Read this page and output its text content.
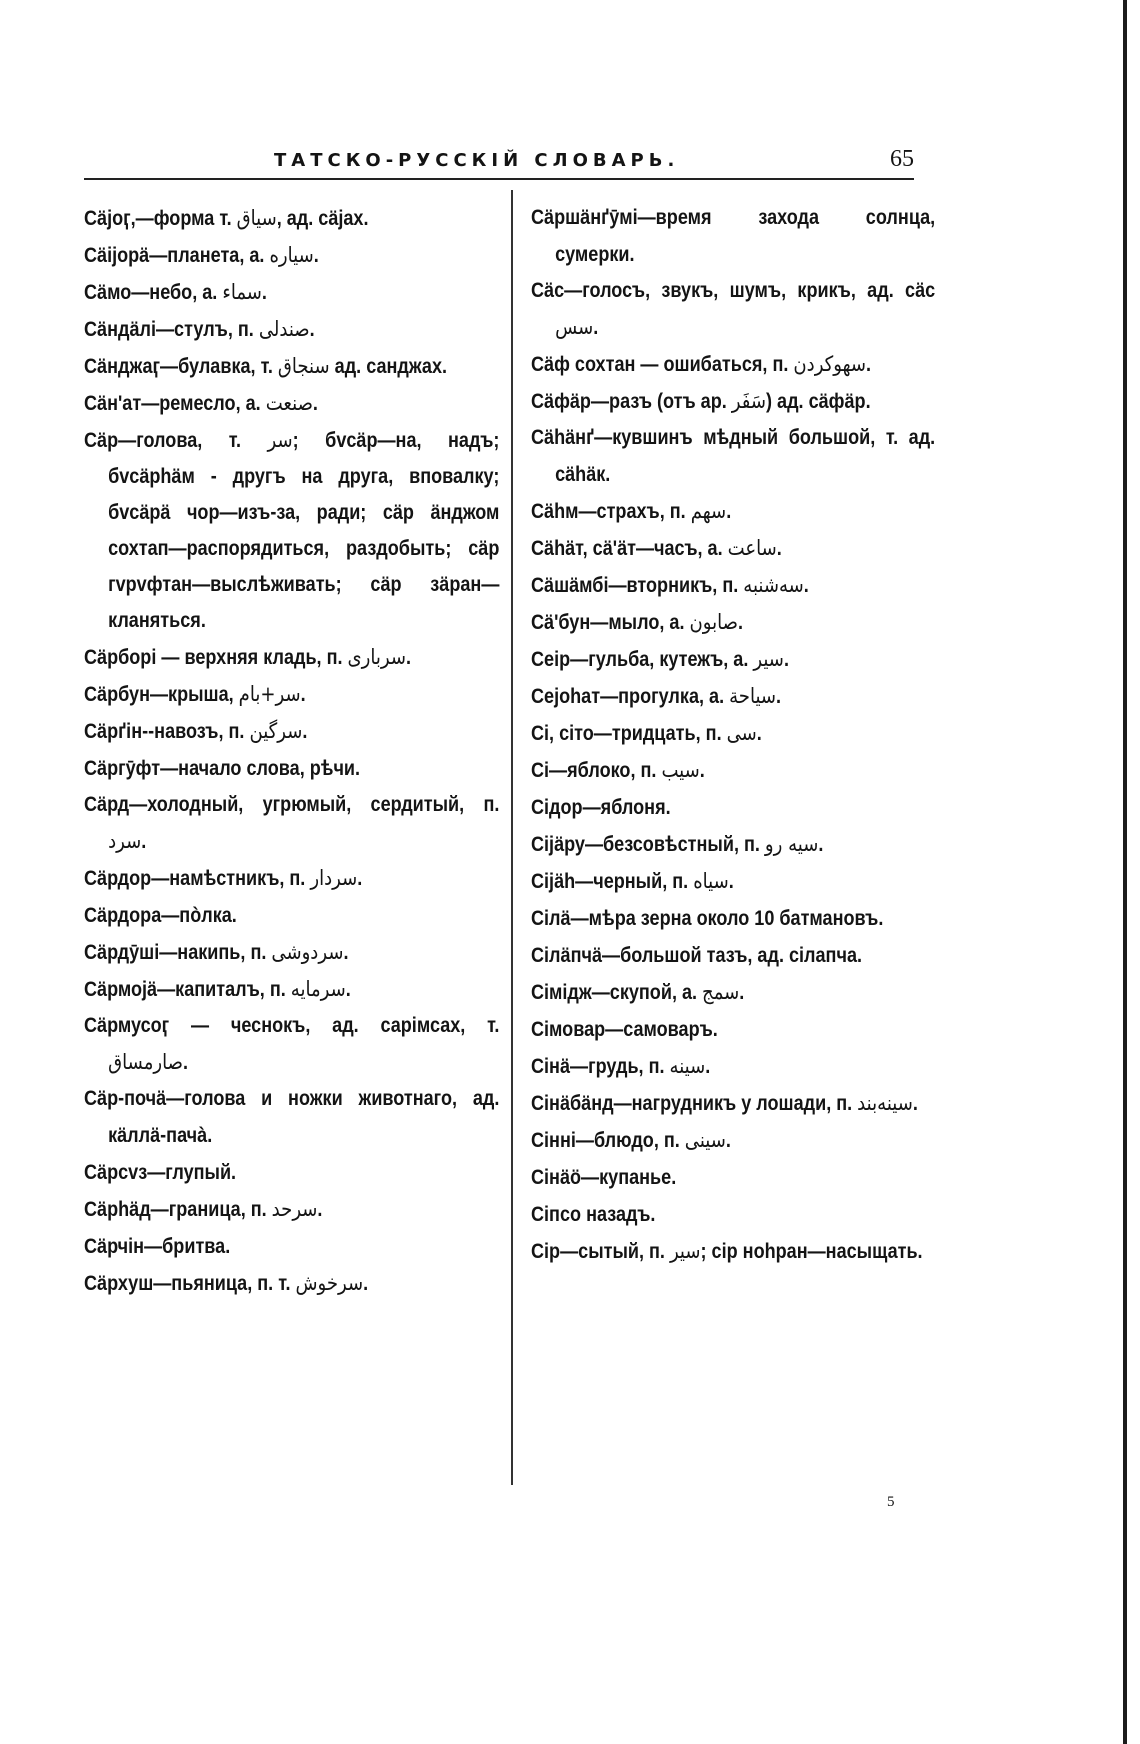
ТАТСКО-РУССКІЙ СЛОВАРЬ.	65
Сäjоӷ,—форма т. سیاق, ад. сäjах.
Сäijорä—планета, а. سیاره.
Сäмо—небо, а. سماء.
Сäндäлi—стулъ, п. صندلی.
Сäнджаӷ—булавка, т. سنجاق ад. санджах.
Сäн'ат—ремесло, а. صنعت.
Сäр—голова, т. سر; бvсäр—на, надъ; бvсäрhäм - другъ на друга, вповалку; бvсäрä чор—изъ-за, ради; сäр äнджом сохтап—распорядиться, раздобыть; сäр гvрvфтан—выслѣживать; сäр зäран—кланяться.
Сäрборi — верхняя кладь, п. سرباری.
Сäрбун—крыша, سر+بام.
Сäрґiн--навозъ, п. سرگین.
Сäргӯфт—начало слова, рѣчи.
Сäрд—холодный, угрюмый, сердитый, п. سرد.
Сäрдор—намѣстникъ, п. سردار.
Сäрдора—пòлка.
Сäрдӯшi—накипь, п. سردوشی.
Сäрмоjä—капиталъ, п. سرمایه.
Сäрмусоӷ — чеснокъ, ад. сарiмсах, т. صارمساق.
Сäр-почä—голова и ножки животнаго, ад. кäллä-пачà.
Сäрсvз—глупый.
Сäрhäд—граница, п. سرحد.
Сäрчiн—бритва.
Сäрхуш—пьяница, п. т. سرخوش.
Сäршäнґӯмi—время захода солнца, сумерки.
Сäс—голосъ, звукъ, шумъ, крикъ, ад. сäс سس.
Сäф сохтан — ошибаться, п. سهوکردن.
Сäфäр—разъ (отъ ар. سَفَر) ад. сäфäр.
Сähäнґ—кувшинъ мѣдный большой, т. ад. сähäк.
Сähм—страхъ, п. سهم.
Сähäт, сä'äт—часъ, а. ساعت.
Сäшäмбi—вторникъ, п. سه‌شنبه.
Сä'бун—мыло, а. صابون.
Сеiр—гульба, кутежъ, а. سیر.
Сеjоhат—прогулка, а. سیاحة.
Сi, сiто—тридцать, п. سی.
Сi—яблоко, п. سیب.
Сiдор—яблоня.
Сijäру—безсовѣстный, п. سیه رو.
Сijäh—черный, п. سیاه.
Сiлä—мѣра зерна около 10 батмановъ.
Сiлäпчä—большой тазъ, ад. сiлапча.
Сiмiдж—скупой, а. سمج.
Сiмовар—самоваръ.
Сiнä—грудь, п. سینه.
Сiнäбäнд—нагрудникъ у лошади, п. سینه‌بند.
Сiннi—блюдо, п. سینی.
Сiнäö—купанье.
Сiпсо назадъ.
Сiр—сытый, п. سیر; сiр ноhран—насыщать.
5
